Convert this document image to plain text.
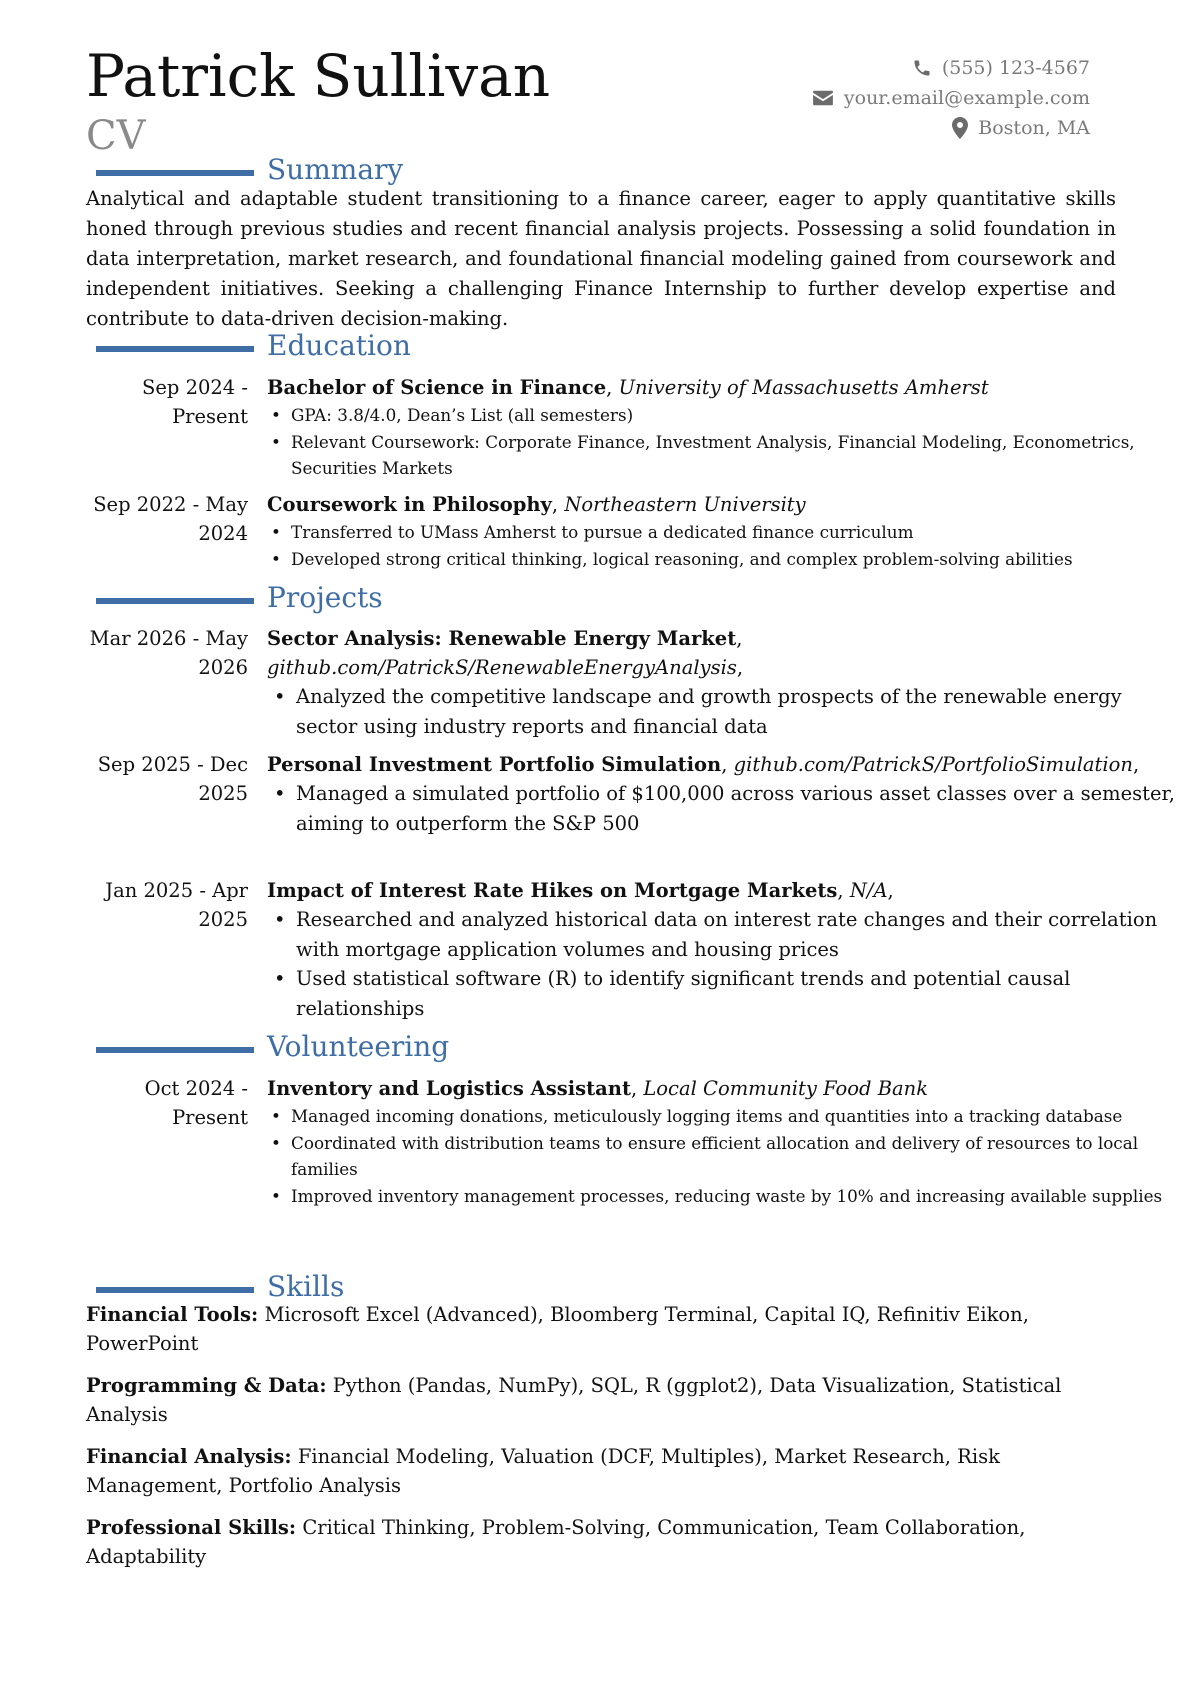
Patrick Sullivan
CV
(555) 123-4567
your.email@example.com
Boston, MA
Summary

Analytical and adaptable student transitioning to a finance career, eager to apply quantitative skills honed through previous studies and recent financial analysis projects. Possessing a solid foundation in data interpretation, market research, and foundational financial modeling gained from coursework and independent initiatives. Seeking a challenging Finance Internship to further develop expertise and contribute to data-driven decision-making.

Education
Sep 2024 - Present
Bachelor of Science in Finance, University of Massachusetts Amherst
• GPA: 3.8/4.0, Dean’s List (all semesters)
• Relevant Coursework: Corporate Finance, Investment Analysis, Financial Modeling, Econometrics, Securities Markets
Sep 2022 - May 2024
Coursework in Philosophy, Northeastern University
• Transferred to UMass Amherst to pursue a dedicated finance curriculum
• Developed strong critical thinking, logical reasoning, and complex problem-solving abilities
Projects
Mar 2026 - May 2026
Sector Analysis: Renewable Energy Market, github.com/PatrickS/RenewableEnergyAnalysis,
• Analyzed the competitive landscape and growth prospects of the renewable energy sector using industry reports and financial data
Sep 2025 - Dec 2025
Personal Investment Portfolio Simulation, github.com/PatrickS/PortfolioSimulation,
• Managed a simulated portfolio of $100,000 across various asset classes over a semester, aiming to outperform the S&P 500
Jan 2025 - Apr 2025
Impact of Interest Rate Hikes on Mortgage Markets, N/A,
• Researched and analyzed historical data on interest rate changes and their correlation with mortgage application volumes and housing prices
• Used statistical software (R) to identify significant trends and potential causal relationships
Volunteering
Oct 2024 - Present
Inventory and Logistics Assistant, Local Community Food Bank
• Managed incoming donations, meticulously logging items and quantities into a tracking database
• Coordinated with distribution teams to ensure efficient allocation and delivery of resources to local families
• Improved inventory management processes, reducing waste by 10% and increasing available supplies
Skills

Financial Tools: Microsoft Excel (Advanced), Bloomberg Terminal, Capital IQ, Refinitiv Eikon, PowerPoint

Programming & Data: Python (Pandas, NumPy), SQL, R (ggplot2), Data Visualization, Statistical Analysis

Financial Analysis: Financial Modeling, Valuation (DCF, Multiples), Market Research, Risk Management, Portfolio Analysis

Professional Skills: Critical Thinking, Problem-Solving, Communication, Team Collaboration, Adaptability
